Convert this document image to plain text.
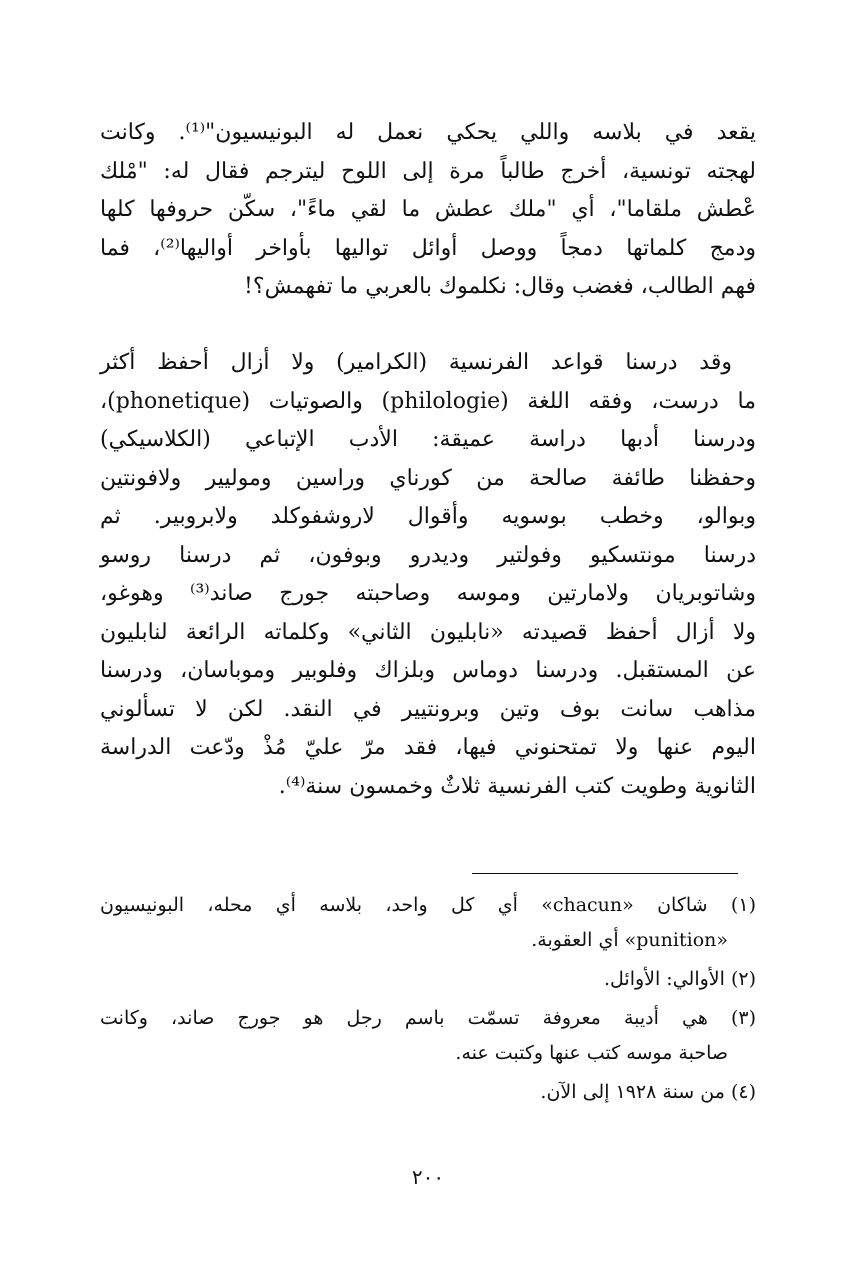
يقعد في بلاسه واللي يحكي نعمل له البونيسيون"⁽¹⁾. وكانت
لهجته تونسية، أخرج طالباً مرة إلى اللوح ليترجم فقال له: "مْلك
عْطش ملقاما"، أي "ملك عطش ما لقي ماءً"، سكّن حروفها كلها
ودمج كلماتها دمجاً ووصل أوائل تواليها بأواخر أواليها⁽²⁾، فما
فهم الطالب، فغضب وقال: نكلموك بالعربي ما تفهمش؟!
وقد درسنا قواعد الفرنسية (الكرامير) ولا أزال أحفظ أكثر
ما درست، وفقه اللغة (philologie) والصوتيات (phonetique)،
ودرسنا أدبها دراسة عميقة: الأدب الإتباعي (الكلاسيكي)
وحفظنا طائفة صالحة من كورناي وراسين وموليير ولافونتين
وبوالو، وخطب بوسويه وأقوال لاروشفوكلد ولابروبير. ثم
درسنا مونتسكيو وفولتير وديدرو وبوفون، ثم درسنا روسو
وشاتوبريان ولامارتين وموسه وصاحبته جورج صاند⁽³⁾ وهوغو،
ولا أزال أحفظ قصيدته «نابليون الثاني» وكلماته الرائعة لنابليون
عن المستقبل. ودرسنا دوماس وبلزاك وفلوبير وموباسان، ودرسنا
مذاهب سانت بوف وتين وبرونتيير في النقد. لكن لا تسألوني
اليوم عنها ولا تمتحنوني فيها، فقد مرّ عليّ مُذْ ودّعت الدراسة
الثانوية وطويت كتب الفرنسية ثلاثٌ وخمسون سنة⁽⁴⁾.
(١) شاكان «chacun» أي كل واحد، بلاسه أي محله، البونيسيون
«punition» أي العقوبة.
(٢) الأوالي: الأوائل.
(٣) هي أديبة معروفة تسمّت باسم رجل هو جورج صاند، وكانت
صاحبة موسه كتب عنها وكتبت عنه.
(٤) من سنة ١٩٢٨ إلى الآن.
٢٠٠
